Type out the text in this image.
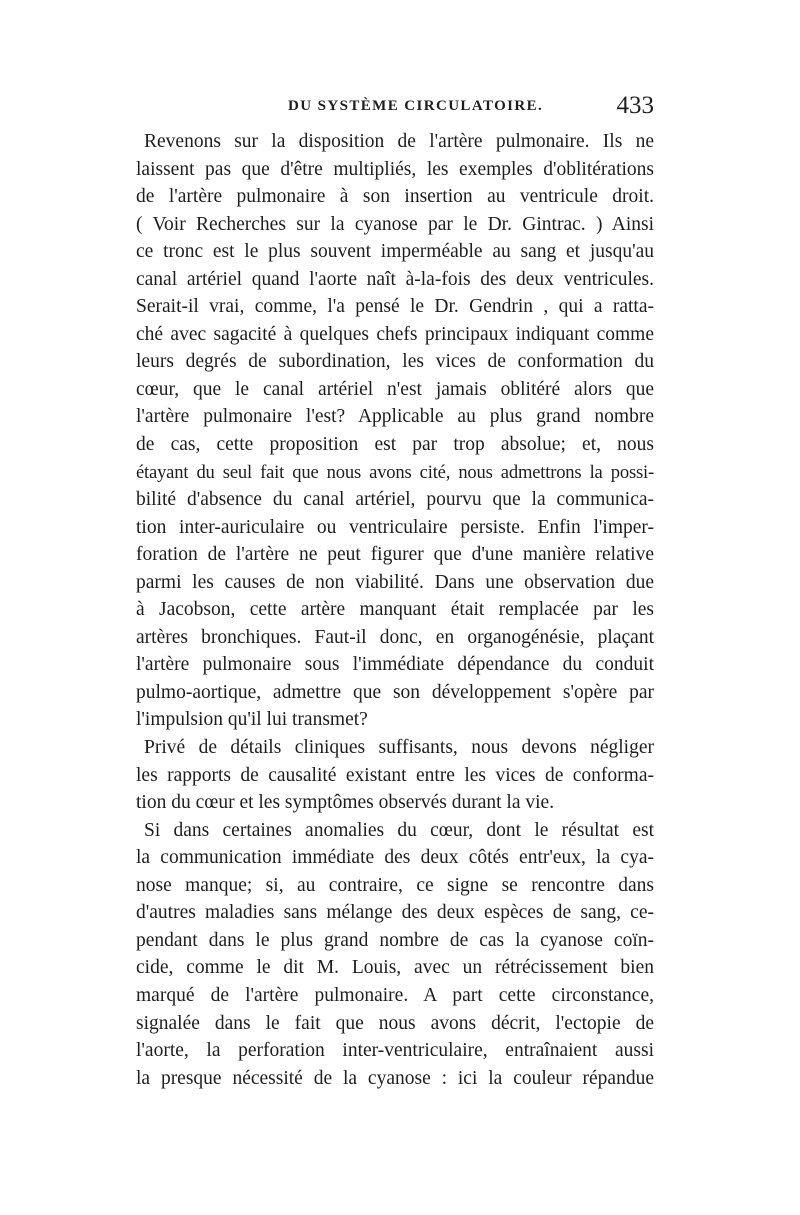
DU SYSTÈME CIRCULATOIRE.	433
Revenons sur la disposition de l'artère pulmonaire. Ils ne
laissent pas que d'être multipliés, les exemples d'oblitérations
de l'artère pulmonaire à son insertion au ventricule droit.
( Voir Recherches sur la cyanose par le Dr. Gintrac. ) Ainsi
ce tronc est le plus souvent imperméable au sang et jusqu'au
canal artériel quand l'aorte naît à-la-fois des deux ventricules.
Serait-il vrai, comme, l'a pensé le Dr. Gendrin , qui a ratta-
ché avec sagacité à quelques chefs principaux indiquant comme
leurs degrés de subordination, les vices de conformation du
cœur, que le canal artériel n'est jamais oblitéré alors que
l'artère pulmonaire l'est? Applicable au plus grand nombre
de cas, cette proposition est par trop absolue; et, nous
étayant du seul fait que nous avons cité, nous admettrons la possi-
bilité d'absence du canal artériel, pourvu que la communica-
tion inter-auriculaire ou ventriculaire persiste. Enfin l'imper-
foration de l'artère ne peut figurer que d'une manière relative
parmi les causes de non viabilité. Dans une observation due
à Jacobson, cette artère manquant était remplacée par les
artères bronchiques. Faut-il donc, en organogénésie, plaçant
l'artère pulmonaire sous l'immédiate dépendance du conduit
pulmo-aortique, admettre que son développement s'opère par
l'impulsion qu'il lui transmet?
Privé de détails cliniques suffisants, nous devons négliger
les rapports de causalité existant entre les vices de conforma-
tion du cœur et les symptômes observés durant la vie.
Si dans certaines anomalies du cœur, dont le résultat est
la communication immédiate des deux côtés entr'eux, la cya-
nose manque; si, au contraire, ce signe se rencontre dans
d'autres maladies sans mélange des deux espèces de sang, ce-
pendant dans le plus grand nombre de cas la cyanose coïn-
cide, comme le dit M. Louis, avec un rétrécissement bien
marqué de l'artère pulmonaire. A part cette circonstance,
signalée dans le fait que nous avons décrit, l'ectopie de
l'aorte, la perforation inter-ventriculaire, entraînaient aussi
la presque nécessité de la cyanose : ici la couleur répandue
